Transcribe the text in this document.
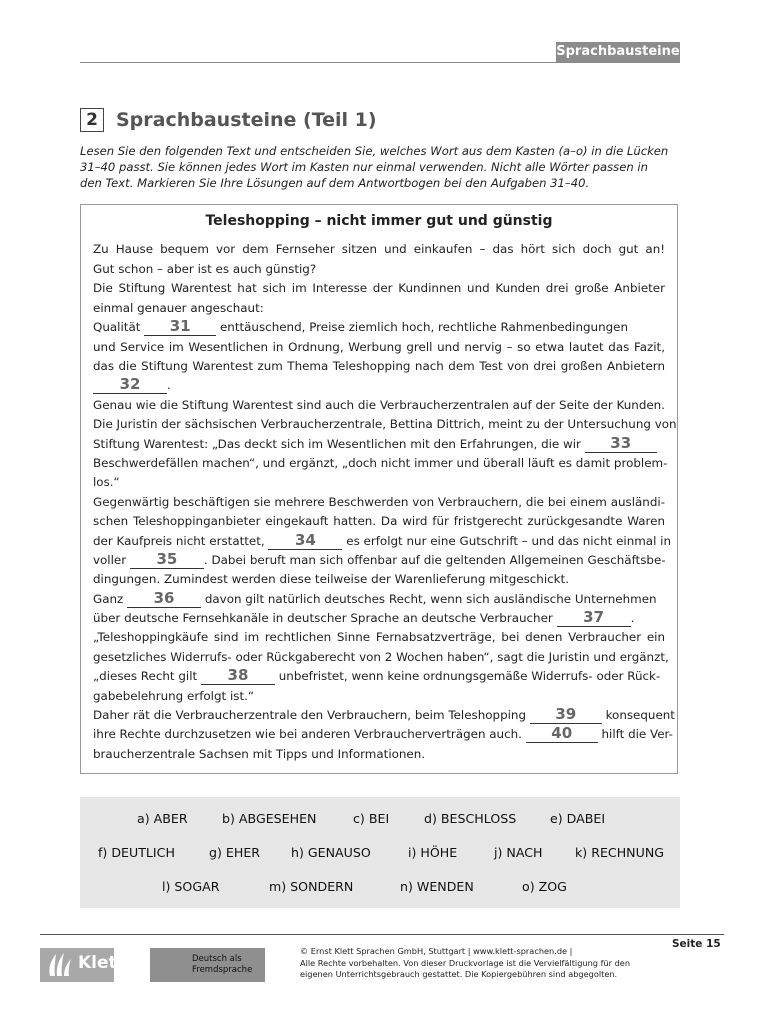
Sprachbausteine
2 Sprachbausteine (Teil 1)
Lesen Sie den folgenden Text und entscheiden Sie, welches Wort aus dem Kasten (a–o) in die Lücken
31–40 passt. Sie können jedes Wort im Kasten nur einmal verwenden. Nicht alle Wörter passen in
den Text. Markieren Sie Ihre Lösungen auf dem Antwortbogen bei den Aufgaben 31–40.
Teleshopping – nicht immer gut und günstig
Zu Hause bequem vor dem Fernseher sitzen und einkaufen – das hört sich doch gut an!
Gut schon – aber ist es auch günstig?
Die Stiftung Warentest hat sich im Interesse der Kundinnen und Kunden drei große Anbieter
einmal genauer angeschaut:
Qualität 31 enttäuschend, Preise ziemlich hoch, rechtliche Rahmenbedingungen
und Service im Wesentlichen in Ordnung, Werbung grell und nervig – so etwa lautet das Fazit,
das die Stiftung Warentest zum Thema Teleshopping nach dem Test von drei großen Anbietern
32 .
Genau wie die Stiftung Warentest sind auch die Verbraucherzentralen auf der Seite der Kunden.
Die Juristin der sächsischen Verbraucherzentrale, Bettina Dittrich, meint zu der Untersuchung von
Stiftung Warentest: „Das deckt sich im Wesentlichen mit den Erfahrungen, die wir 33
Beschwerdefällen machen“, und ergänzt, „doch nicht immer und überall läuft es damit problem-
los.“
Gegenwärtig beschäftigen sie mehrere Beschwerden von Verbrauchern, die bei einem ausländi-
schen Teleshoppinganbieter eingekauft hatten. Da wird für fristgerecht zurückgesandte Waren
der Kaufpreis nicht erstattet, 34 es erfolgt nur eine Gutschrift – und das nicht einmal in
voller 35 . Dabei beruft man sich offenbar auf die geltenden Allgemeinen Geschäftsbe-
dingungen. Zumindest werden diese teilweise der Warenlieferung mitgeschickt.
Ganz 36 davon gilt natürlich deutsches Recht, wenn sich ausländische Unternehmen
über deutsche Fernsehkanäle in deutscher Sprache an deutsche Verbraucher 37 .
„Teleshoppingkäufe sind im rechtlichen Sinne Fernabsatzverträge, bei denen Verbraucher ein
gesetzliches Widerrufs- oder Rückgaberecht von 2 Wochen haben“, sagt die Juristin und ergänzt,
„dieses Recht gilt 38 unbefristet, wenn keine ordnungsgemäße Widerrufs- oder Rück-
gabebelehrung erfolgt ist.“
Daher rät die Verbraucherzentrale den Verbrauchern, beim Teleshopping 39 konsequent
ihre Rechte durchzusetzen wie bei anderen Verbraucherverträgen auch. 40 hilft die Ver-
braucherzentrale Sachsen mit Tipps und Informationen.
a) ABER	b) ABGESEHEN	c) BEI	d) BESCHLOSS	e) DABEI
f) DEUTLICH	g) EHER h) GENAUSO	i) HÖHE	j) NACH	k) RECHNUNG
l) SOGAR	m) SONDERN	n) WENDEN	o) ZOG
Klett	Deutsch als
Fremdsprache
© Ernst Klett Sprachen GmbH, Stuttgart | www.klett-sprachen.de |
Alle Rechte vorbehalten. Von dieser Druckvorlage ist die Vervielfältigung für den
eigenen Unterrichtsgebrauch gestattet. Die Kopiergebühren sind abgegolten.
Seite 15
